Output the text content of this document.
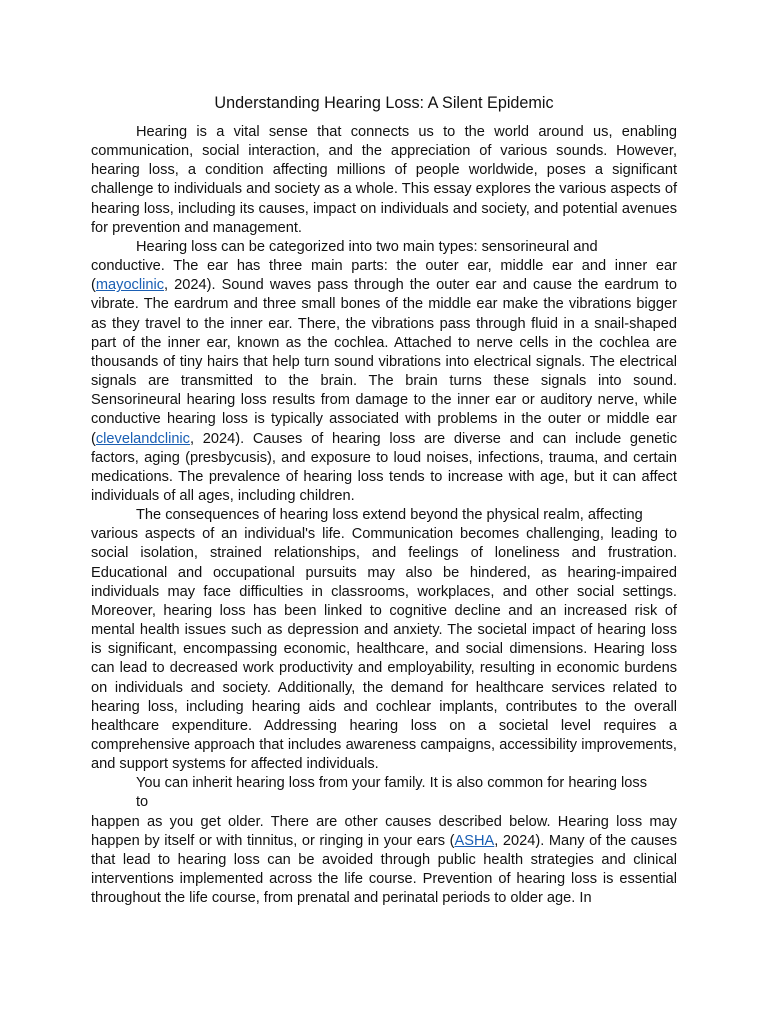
Understanding Hearing Loss: A Silent Epidemic

Hearing is a vital sense that connects us to the world around us, enabling communication, social interaction, and the appreciation of various sounds. However, hearing loss, a condition affecting millions of people worldwide, poses a significant challenge to individuals and society as a whole. This essay explores the various aspects of hearing loss, including its causes, impact on individuals and society, and potential avenues for prevention and management.

Hearing loss can be categorized into two main types: sensorineural and
conductive. The ear has three main parts: the outer ear, middle ear and inner ear (mayoclinic, 2024). Sound waves pass through the outer ear and cause the eardrum to vibrate. The eardrum and three small bones of the middle ear make the vibrations bigger as they travel to the inner ear. There, the vibrations pass through fluid in a snail-shaped part of the inner ear, known as the cochlea. Attached to nerve cells in the cochlea are thousands of tiny hairs that help turn sound vibrations into electrical signals. The electrical signals are transmitted to the brain. The brain turns these signals into sound. Sensorineural hearing loss results from damage to the inner ear or auditory nerve, while conductive hearing loss is typically associated with problems in the outer or middle ear (clevelandclinic, 2024). Causes of hearing loss are diverse and can include genetic factors, aging (presbycusis), and exposure to loud noises, infections, trauma, and certain medications. The prevalence of hearing loss tends to increase with age, but it can affect individuals of all ages, including children.

The consequences of hearing loss extend beyond the physical realm, affecting
various aspects of an individual's life. Communication becomes challenging, leading to social isolation, strained relationships, and feelings of loneliness and frustration. Educational and occupational pursuits may also be hindered, as hearing-impaired individuals may face difficulties in classrooms, workplaces, and other social settings. Moreover, hearing loss has been linked to cognitive decline and an increased risk of mental health issues such as depression and anxiety. The societal impact of hearing loss is significant, encompassing economic, healthcare, and social dimensions. Hearing loss can lead to decreased work productivity and employability, resulting in economic burdens on individuals and society. Additionally, the demand for healthcare services related to hearing loss, including hearing aids and cochlear implants, contributes to the overall healthcare expenditure. Addressing hearing loss on a societal level requires a comprehensive approach that includes awareness campaigns, accessibility improvements, and support systems for affected individuals.

You can inherit hearing loss from your family. It is also common for hearing loss
to
happen as you get older. There are other causes described below. Hearing loss may happen by itself or with tinnitus, or ringing in your ears (ASHA, 2024). Many of the causes that lead to hearing loss can be avoided through public health strategies and clinical interventions implemented across the life course. Prevention of hearing loss is essential throughout the life course, from prenatal and perinatal periods to older age. In
